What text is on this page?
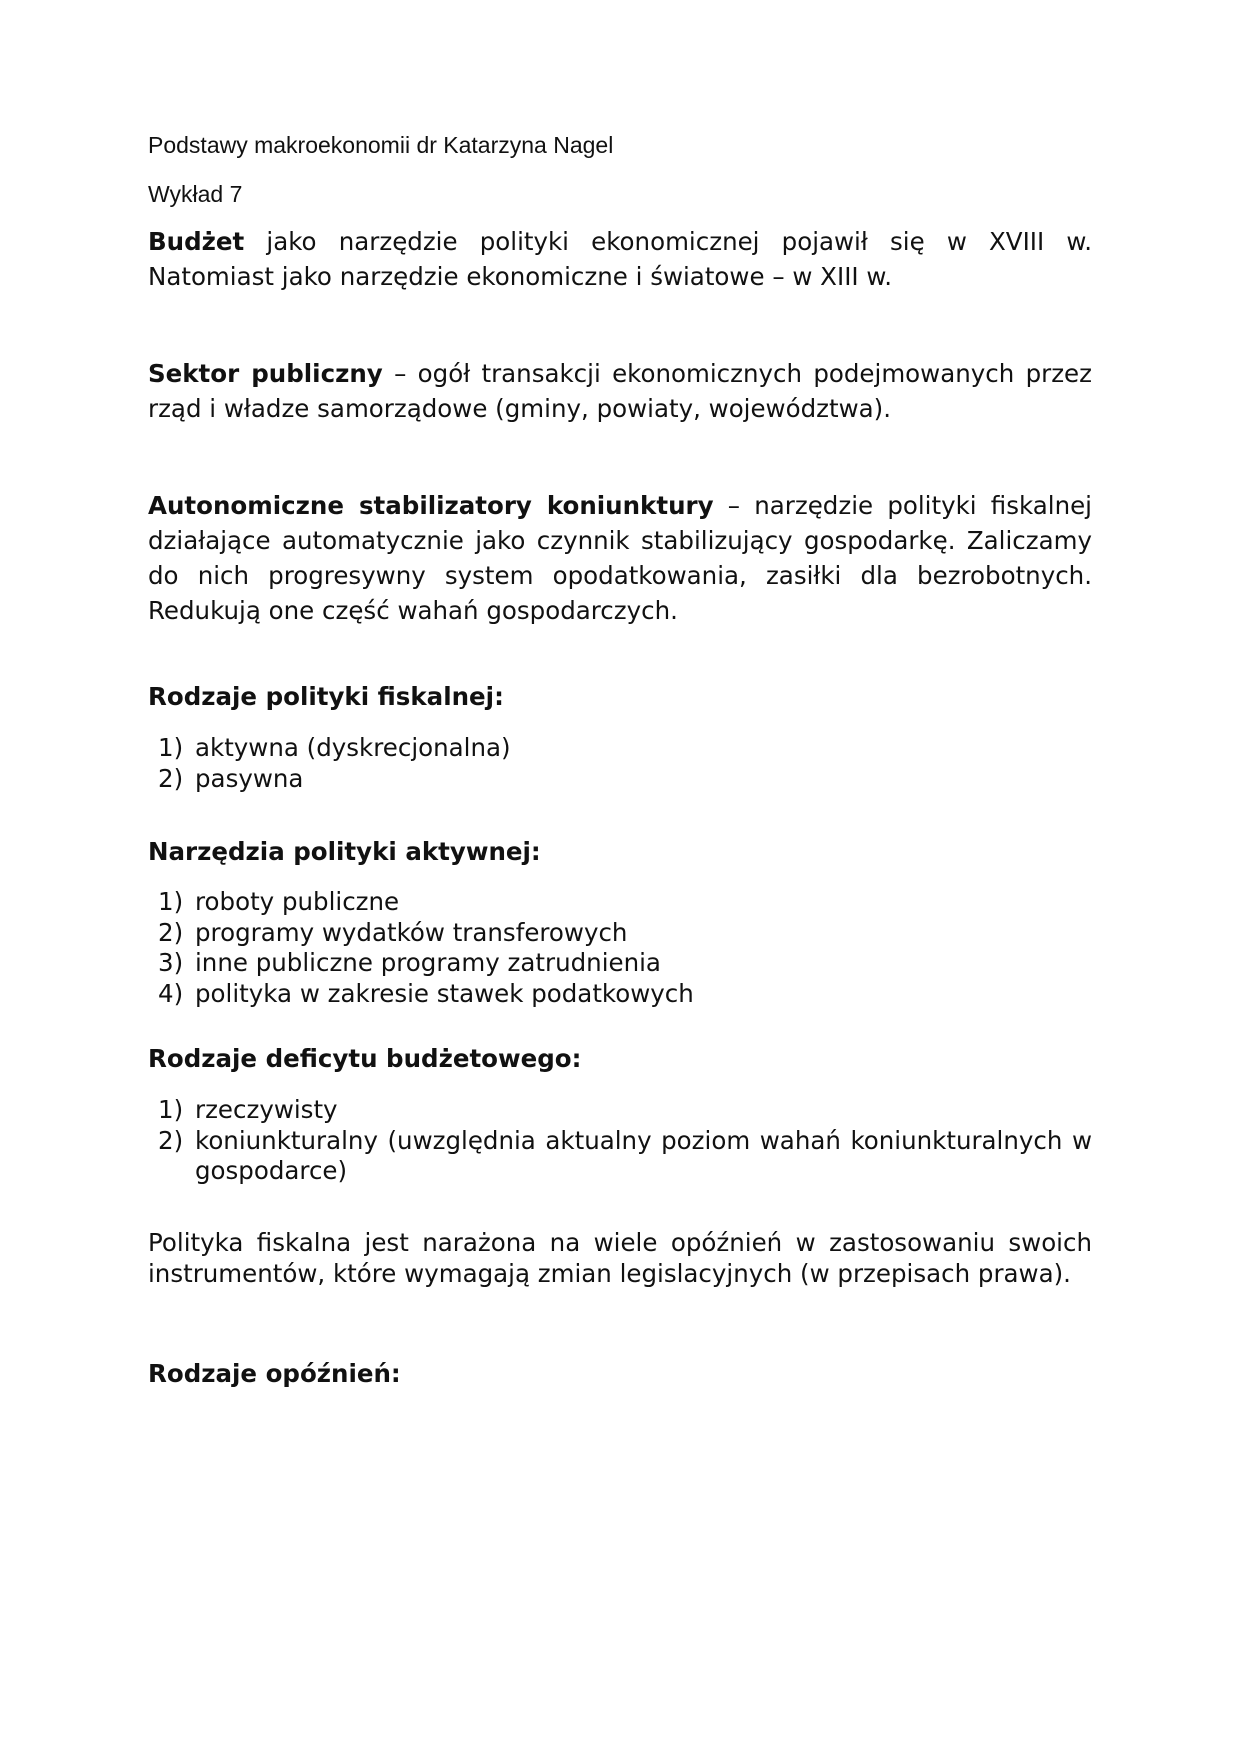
Podstawy makroekonomii dr Katarzyna Nagel
Wykład 7

Budżet jako narzędzie polityki ekonomicznej pojawił się w XVIII w. Natomiast jako narzędzie ekonomiczne i światowe – w XIII w.

Sektor publiczny – ogół transakcji ekonomicznych podejmowanych przez rząd i władze samorządowe (gminy, powiaty, województwa).

Autonomiczne stabilizatory koniunktury – narzędzie polityki fiskalnej działające automatycznie jako czynnik stabilizujący gospodarkę. Zaliczamy do nich progresywny system opodatkowania, zasiłki dla bezrobotnych. Redukują one część wahań gospodarczych.

Rodzaje polityki fiskalnej:
1) aktywna (dyskrecjonalna)
2) pasywna
Narzędzia polityki aktywnej:
1) roboty publiczne
2) programy wydatków transferowych
3) inne publiczne programy zatrudnienia
4) polityka w zakresie stawek podatkowych
Rodzaje deficytu budżetowego:
1) rzeczywisty
2) koniunkturalny (uwzględnia aktualny poziom wahań koniunkturalnych w gospodarce)

Polityka fiskalna jest narażona na wiele opóźnień w zastosowaniu swoich instrumentów, które wymagają zmian legislacyjnych (w przepisach prawa).

Rodzaje opóźnień:
